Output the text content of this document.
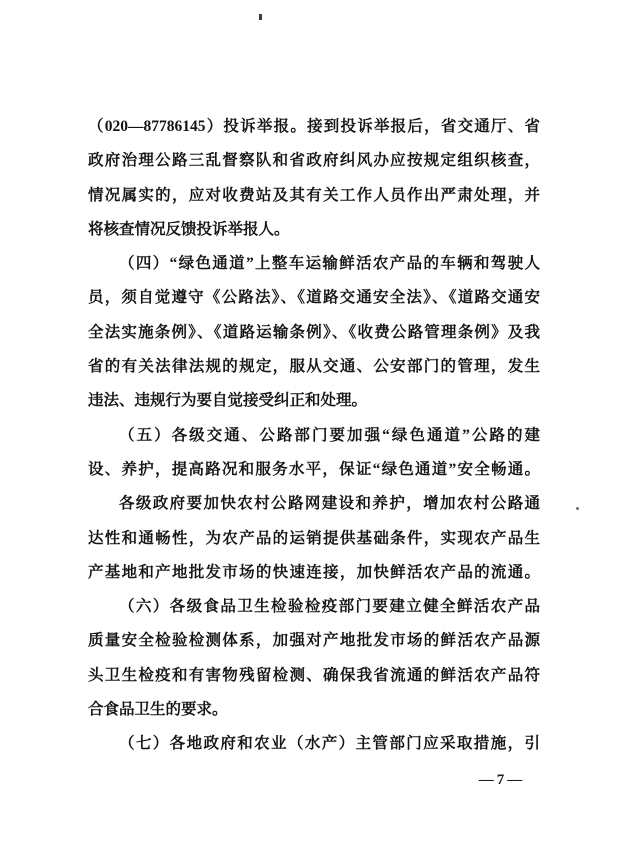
（020—87786145）投诉举报。接到投诉举报后，省交通厅、省
政府治理公路三乱督察队和省政府纠风办应按规定组织核查，
情况属实的，应对收费站及其有关工作人员作出严肃处理，并
将核查情况反馈投诉举报人。
（四）“绿色通道”上整车运输鲜活农产品的车辆和驾驶人
员，须自觉遵守《公路法》、《道路交通安全法》、《道路交通安
全法实施条例》、《道路运输条例》、《收费公路管理条例》及我
省的有关法律法规的规定，服从交通、公安部门的管理，发生
违法、违规行为要自觉接受纠正和处理。
（五）各级交通、公路部门要加强“绿色通道”公路的建
设、养护，提高路况和服务水平，保证“绿色通道”安全畅通。
各级政府要加快农村公路网建设和养护，增加农村公路通
达性和通畅性，为农产品的运销提供基础条件，实现农产品生
产基地和产地批发市场的快速连接，加快鲜活农产品的流通。
（六）各级食品卫生检验检疫部门要建立健全鲜活农产品
质量安全检验检测体系，加强对产地批发市场的鲜活农产品源
头卫生检疫和有害物残留检测、确保我省流通的鲜活农产品符
合食品卫生的要求。
（七）各地政府和农业（水产）主管部门应采取措施，引
—7—
